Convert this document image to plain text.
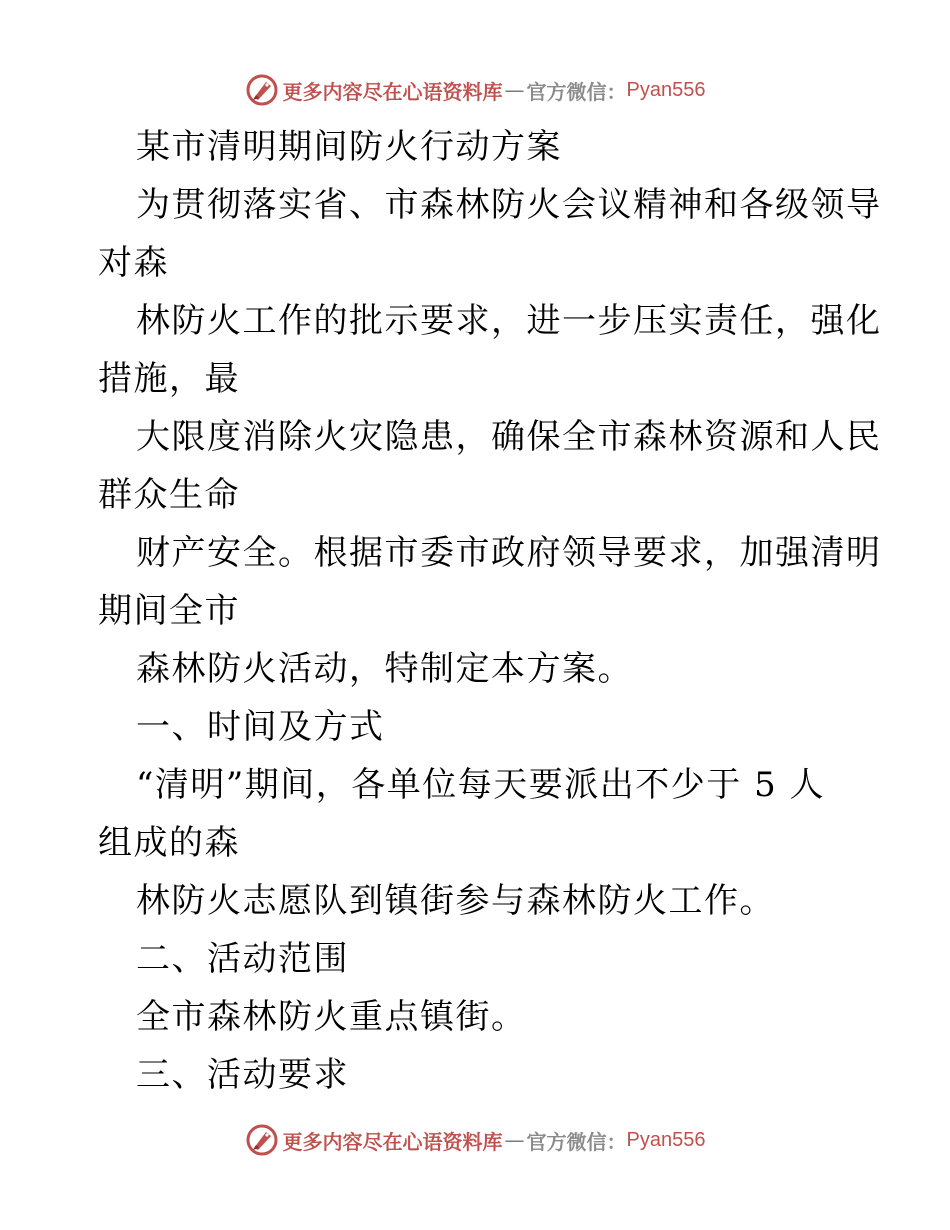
更多内容尽在心语资料库 — 官方微信： Pyan556
某市清明期间防火行动方案
为贯彻落实省、市森林防火会议精神和各级领导
对森
林防火工作的批示要求，进一步压实责任，强化
措施，最
大限度消除火灾隐患，确保全市森林资源和人民
群众生命
财产安全。根据市委市政府领导要求，加强清明
期间全市
森林防火活动，特制定本方案。
一、时间及方式
“清明”期间，各单位每天要派出不少于 5 人
组成的森
林防火志愿队到镇街参与森林防火工作。
二、活动范围
全市森林防火重点镇街。
三、活动要求
更多内容尽在心语资料库 — 官方微信： Pyan556
